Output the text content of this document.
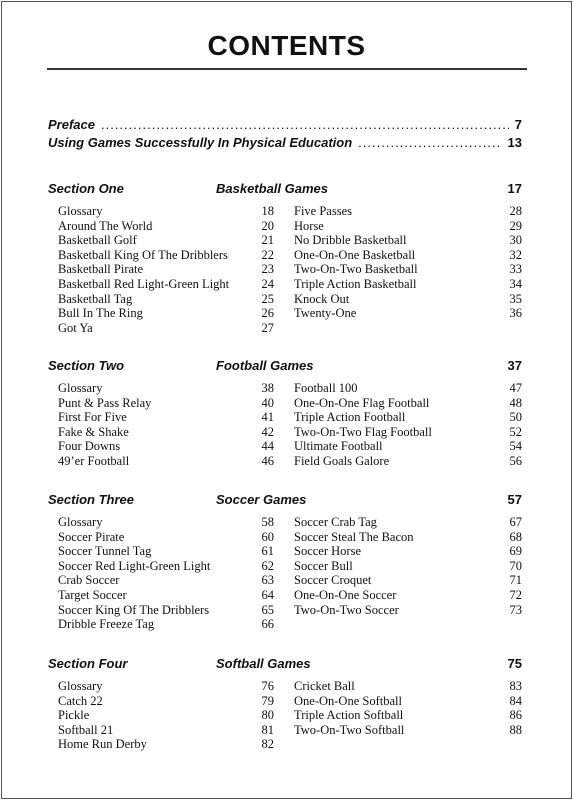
CONTENTS
Preface .....	7
Using Games Successfully In Physical Education .....	13
Section One	Basketball Games	17
Glossary	18
Around The World	20
Basketball Golf	21
Basketball King Of The Dribblers	22
Basketball Pirate	23
Basketball Red Light-Green Light	24
Basketball Tag	25
Bull In The Ring	26
Got Ya	27
Five Passes	28
Horse	29
No Dribble Basketball	30
One-On-One Basketball	32
Two-On-Two Basketball	33
Triple Action Basketball	34
Knock Out	35
Twenty-One	36
Section Two	Football Games	37
Glossary	38
Punt & Pass Relay	40
First For Five	41
Fake & Shake	42
Four Downs	44
49’er Football	46
Football 100	47
One-On-One Flag Football	48
Triple Action Football	50
Two-On-Two Flag Football	52
Ultimate Football	54
Field Goals Galore	56
Section Three	Soccer Games	57
Glossary	58
Soccer Pirate	60
Soccer Tunnel Tag	61
Soccer Red Light-Green Light	62
Crab Soccer	63
Target Soccer	64
Soccer King Of The Dribblers	65
Dribble Freeze Tag	66
Soccer Crab Tag	67
Soccer Steal The Bacon	68
Soccer Horse	69
Soccer Bull	70
Soccer Croquet	71
One-On-One Soccer	72
Two-On-Two Soccer	73
Section Four	Softball Games	75
Glossary	76
Catch 22	79
Pickle	80
Softball 21	81
Home Run Derby	82
Cricket Ball	83
One-On-One Softball	84
Triple Action Softball	86
Two-On-Two Softball	88
